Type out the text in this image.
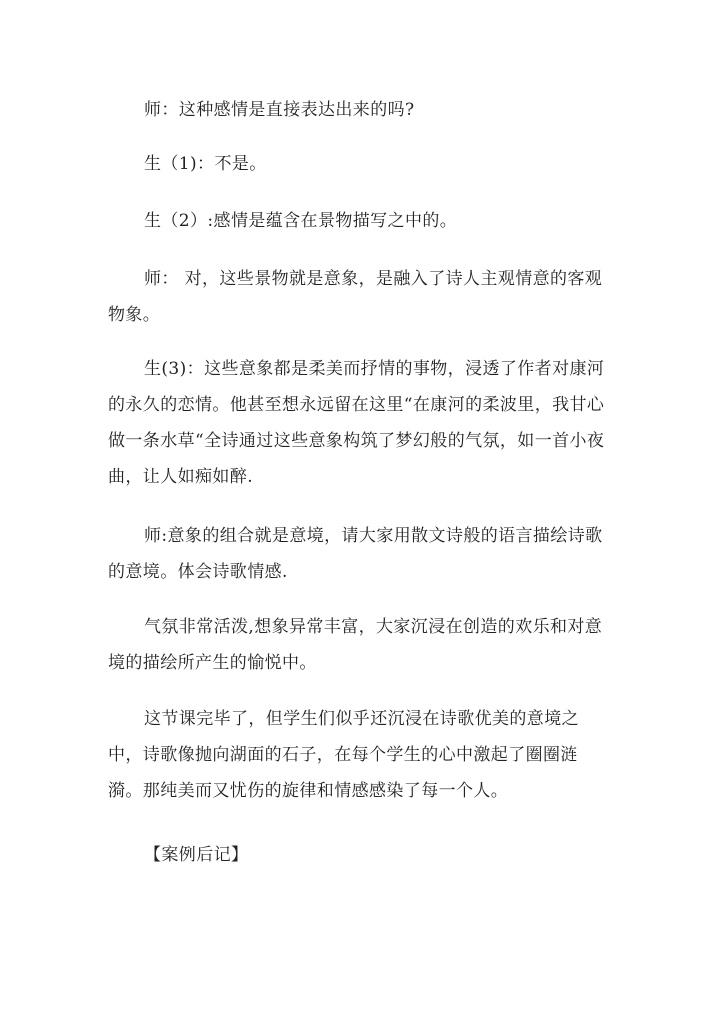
师：这种感情是直接表达出来的吗?

生（1)：不是。

生（2）:感情是蕴含在景物描写之中的。

师： 对，这些景物就是意象，是融入了诗人主观情意的客观物象。

生(3)：这些意象都是柔美而抒情的事物，浸透了作者对康河的永久的恋情。他甚至想永远留在这里“在康河的柔波里，我甘心做一条水草“全诗通过这些意象构筑了梦幻般的气氛，如一首小夜曲，让人如痴如醉.

师:意象的组合就是意境，请大家用散文诗般的语言描绘诗歌的意境。体会诗歌情感.

气氛非常活泼,想象异常丰富，大家沉浸在创造的欢乐和对意境的描绘所产生的愉悦中。

这节课完毕了，但学生们似乎还沉浸在诗歌优美的意境之中，诗歌像抛向湖面的石子，在每个学生的心中激起了圈圈涟漪。那纯美而又忧伤的旋律和情感感染了每一个人。

【案例后记】
